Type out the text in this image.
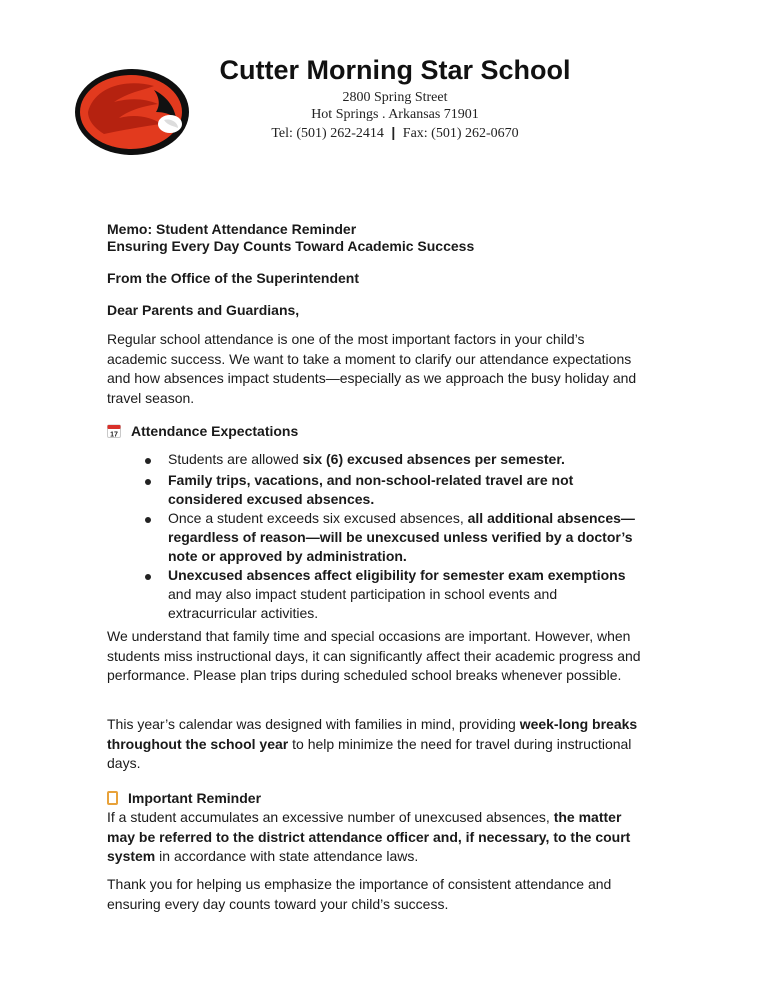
Cutter Morning Star School
2800 Spring Street
Hot Springs . Arkansas 71901
Tel: (501) 262-2414 | Fax: (501) 262-0670
Memo: Student Attendance Reminder
Ensuring Every Day Counts Toward Academic Success
From the Office of the Superintendent
Dear Parents and Guardians,
Regular school attendance is one of the most important factors in your child’s academic success. We want to take a moment to clarify our attendance expectations and how absences impact students—especially as we approach the busy holiday and travel season.
17 Attendance Expectations
Students are allowed six (6) excused absences per semester.
Family trips, vacations, and non-school-related travel are not considered excused absences.
Once a student exceeds six excused absences, all additional absences—regardless of reason—will be unexcused unless verified by a doctor’s note or approved by administration.
Unexcused absences affect eligibility for semester exam exemptions and may also impact student participation in school events and extracurricular activities.
We understand that family time and special occasions are important. However, when students miss instructional days, it can significantly affect their academic progress and performance. Please plan trips during scheduled school breaks whenever possible.
This year’s calendar was designed with families in mind, providing week-long breaks throughout the school year to help minimize the need for travel during instructional days.
Important Reminder
If a student accumulates an excessive number of unexcused absences, the matter may be referred to the district attendance officer and, if necessary, to the court system in accordance with state attendance laws.
Thank you for helping us emphasize the importance of consistent attendance and ensuring every day counts toward your child’s success.
